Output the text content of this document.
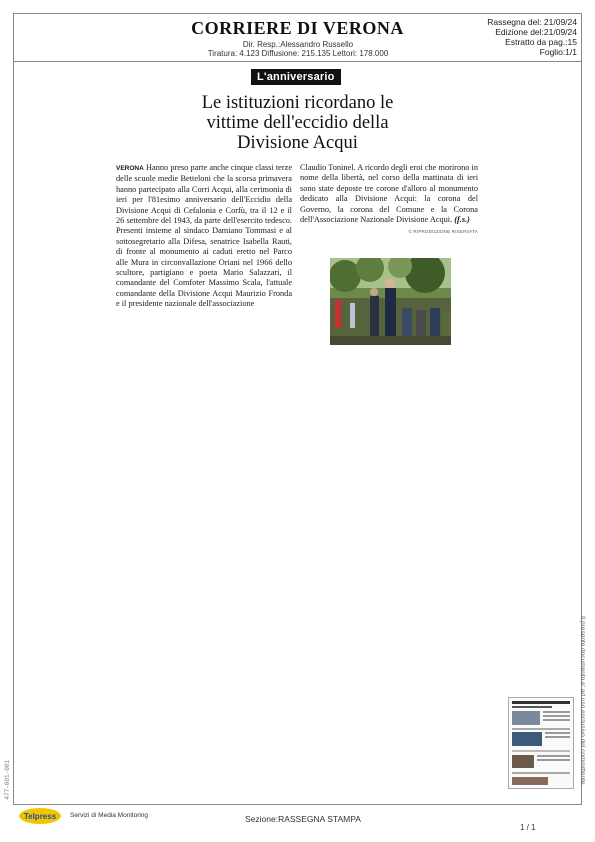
CORRIERE DI VERONA
Dir. Resp.:Alessandro Russello
Tiratura: 4.123 Diffusione: 215.135 Lettori: 178.000
Rassegna del: 21/09/24
Edizione del:21/09/24
Estratto da pag.:15
Foglio:1/1
L'anniversario
Le istituzioni ricordano le vittime dell'eccidio della Divisione Acqui

VERONA Hanno preso parte anche cinque classi terze delle scuole medie Betteloni che la scorsa primavera hanno partecipato alla Corri Acqui, alla cerimonia di ieri per l'81esimo anniversario dell'Eccidio della Divisione Acqui di Cefalonia e Corfù, tra il 12 e il 26 settembre del 1943, da parte dell'esercito tedesco. Presenti insieme al sindaco Damiano Tommasi e al sottosegretario alla Difesa, senatrice Isabella Rauti, di fronte al monumento ai caduti eretto nel Parco alle Mura in circonvallazione Oriani nel 1966 dello scultore, partigiano e poeta Mario Salazzari, il comandante del Comfoter Massimo Scala, l'attuale comandante della Divisione Acqui Maurizio Fronda e il presidente nazionale dell'associazione

Claudio Toninel. A ricordo degli eroi che morirono in nome della libertà, nel corso della mattinata di ieri sono state deposte tre corone d'alloro al monumento dedicato alla Divisione Acqui: la corona del Governo, la corona del Comune e la Corona dell'Associazione Nazionale Divisione Acqui. (f.s.)

© RIPRODUZIONE RISERVATA
Il presente documento e' ad uso esclusivo del committente.
477-001-001
Telpress Servizi di Media Monitoring	Sezione:RASSEGNA STAMPA
1 / 1
